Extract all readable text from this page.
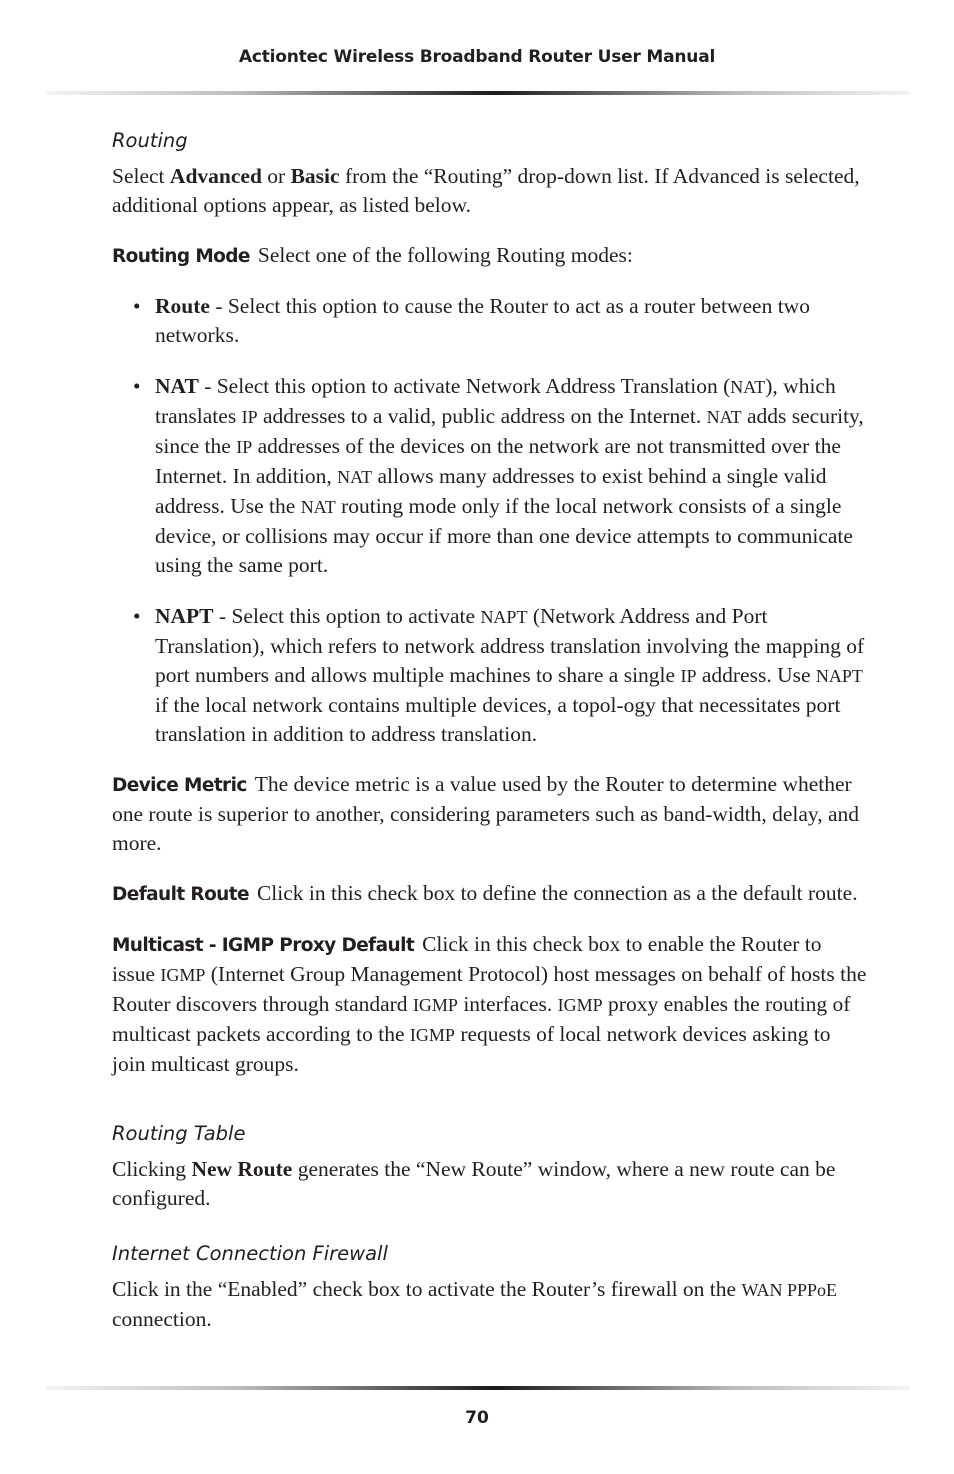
Actiontec Wireless Broadband Router User Manual
Routing

Select Advanced or Basic from the “Routing” drop-down list. If Advanced is selected, additional options appear, as listed below.

Routing Mode Select one of the following Routing modes:

• Route - Select this option to cause the Router to act as a router between two networks.
• NAT - Select this option to activate Network Address Translation (NAT), which translates IP addresses to a valid, public address on the Internet. NAT adds security, since the IP addresses of the devices on the network are not transmitted over the Internet. In addition, NAT allows many addresses to exist behind a single valid address. Use the NAT routing mode only if the local network consists of a single device, or collisions may occur if more than one device attempts to communicate using the same port.
• NAPT - Select this option to activate NAPT (Network Address and Port Translation), which refers to network address translation involving the mapping of port numbers and allows multiple machines to share a single IP address. Use NAPT if the local network contains multiple devices, a topol-ogy that necessitates port translation in addition to address translation.

Device Metric The device metric is a value used by the Router to determine whether one route is superior to another, considering parameters such as band-width, delay, and more.

Default Route Click in this check box to define the connection as a the default route.

Multicast - IGMP Proxy Default Click in this check box to enable the Router to issue IGMP (Internet Group Management Protocol) host messages on behalf of hosts the Router discovers through standard IGMP interfaces. IGMP proxy enables the routing of multicast packets according to the IGMP requests of local network devices asking to join multicast groups.

Routing Table

Clicking New Route generates the “New Route” window, where a new route can be configured.

Internet Connection Firewall

Click in the “Enabled” check box to activate the Router’s firewall on the WAN PPPoE connection.

70
